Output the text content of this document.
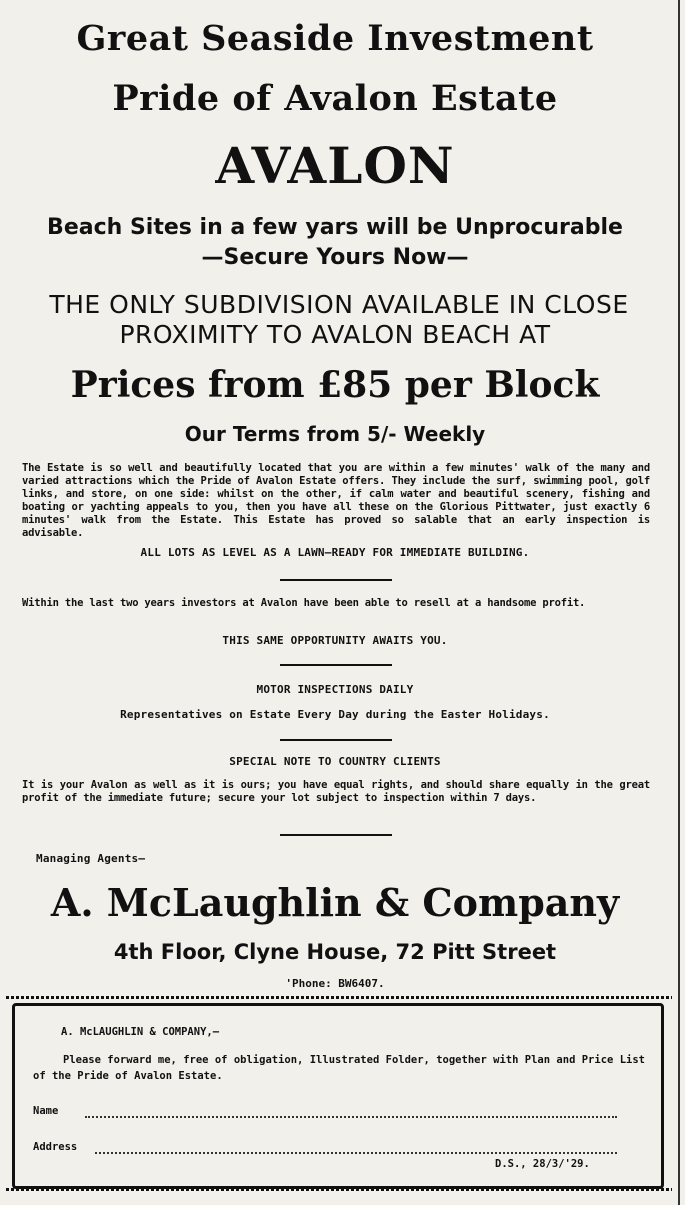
Great Seaside Investment
Pride of Avalon Estate
AVALON
Beach Sites in a few yars will be Unprocurable
—Secure Yours Now—
THE ONLY SUBDIVISION AVAILABLE IN CLOSE
PROXIMITY TO AVALON BEACH AT
Prices from £85 per Block
Our Terms from 5/- Weekly
The Estate is so well and beautifully located that you are within a few minutes' walk of the many and varied attractions which the Pride of Avalon Estate offers. They include the surf, swimming pool, golf links, and store, on one side: whilst on the other, if calm water and beautiful scenery, fishing and boating or yachting appeals to you, then you have all these on the Glorious Pittwater, just exactly 6 minutes' walk from the Estate. This Estate has proved so salable that an early inspection is advisable.
ALL LOTS AS LEVEL AS A LAWN—READY FOR IMMEDIATE BUILDING.
Within the last two years investors at Avalon have been able to resell at a handsome profit.
THIS SAME OPPORTUNITY AWAITS YOU.
MOTOR INSPECTIONS DAILY
Representatives on Estate Every Day during the Easter Holidays.
SPECIAL NOTE TO COUNTRY CLIENTS
It is your Avalon as well as it is ours; you have equal rights, and should share equally in the great profit of the immediate future; secure your lot subject to inspection within 7 days.
Managing Agents—
A. McLaughlin & Company
4th Floor, Clyne House, 72 Pitt Street
'Phone: BW6407.
A. McLAUGHLIN & COMPANY,—
Please forward me, free of obligation, Illustrated Folder, together with Plan and Price List of the Pride of Avalon Estate.
Name
Address
D.S., 28/3/'29.
